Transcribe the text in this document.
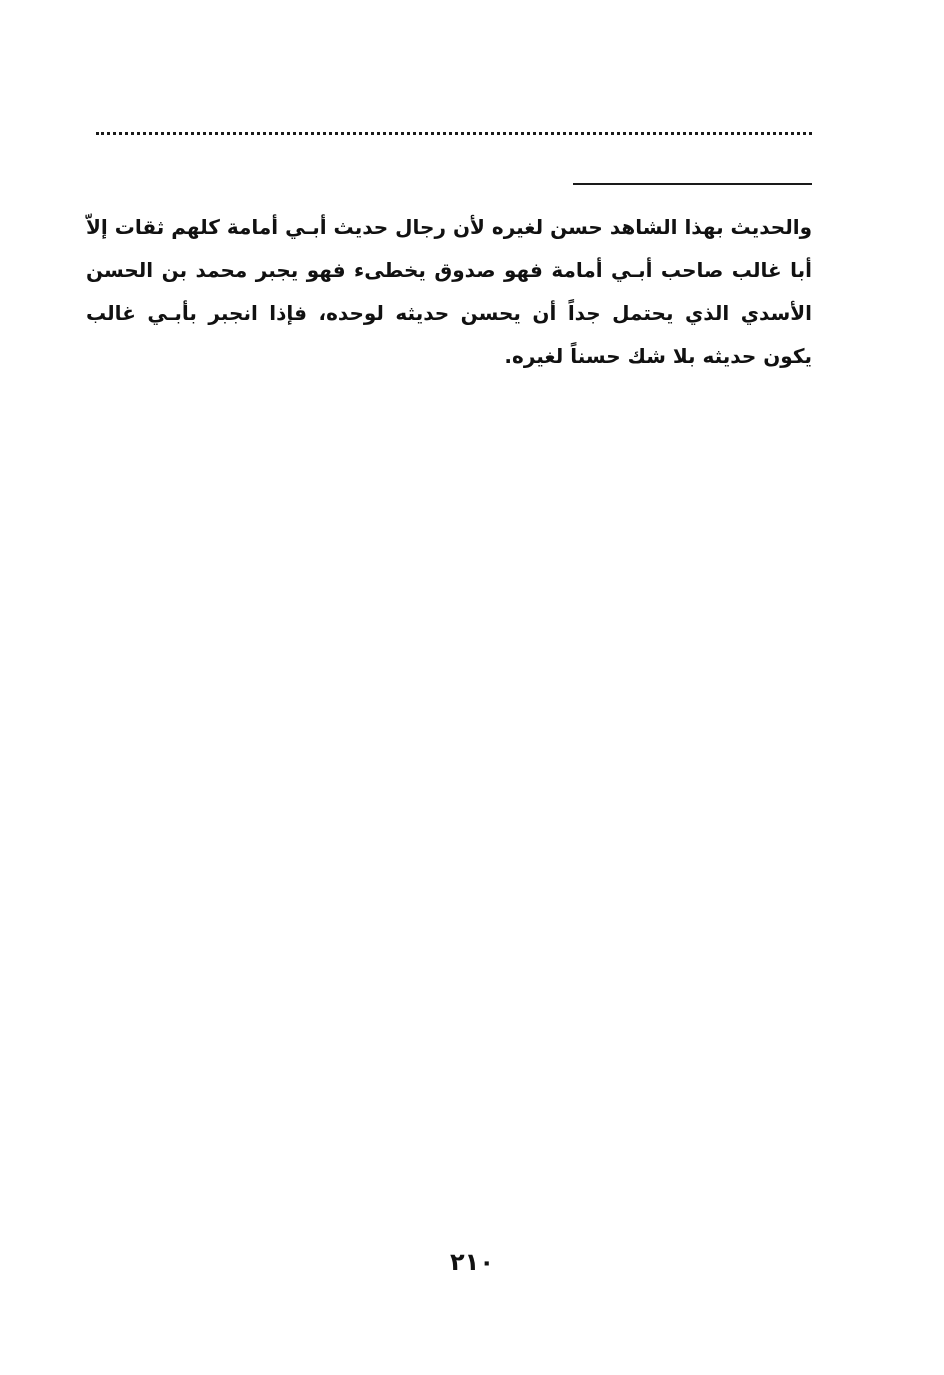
والحديث بهذا الشاهد حسن لغيره لأن رجال حديث أبـي أمامة كلهم ثقات إلاّ أبا غالب صاحب أبـي أمامة فهو صدوق يخطىء فهو يجبر محمد بن الحسن الأسدي الذي يحتمل جداً أن يحسن حديثه لوحده، فإذا انجبر بأبـي غالب يكون حديثه بلا شك حسناً لغيره.

٢١٠
